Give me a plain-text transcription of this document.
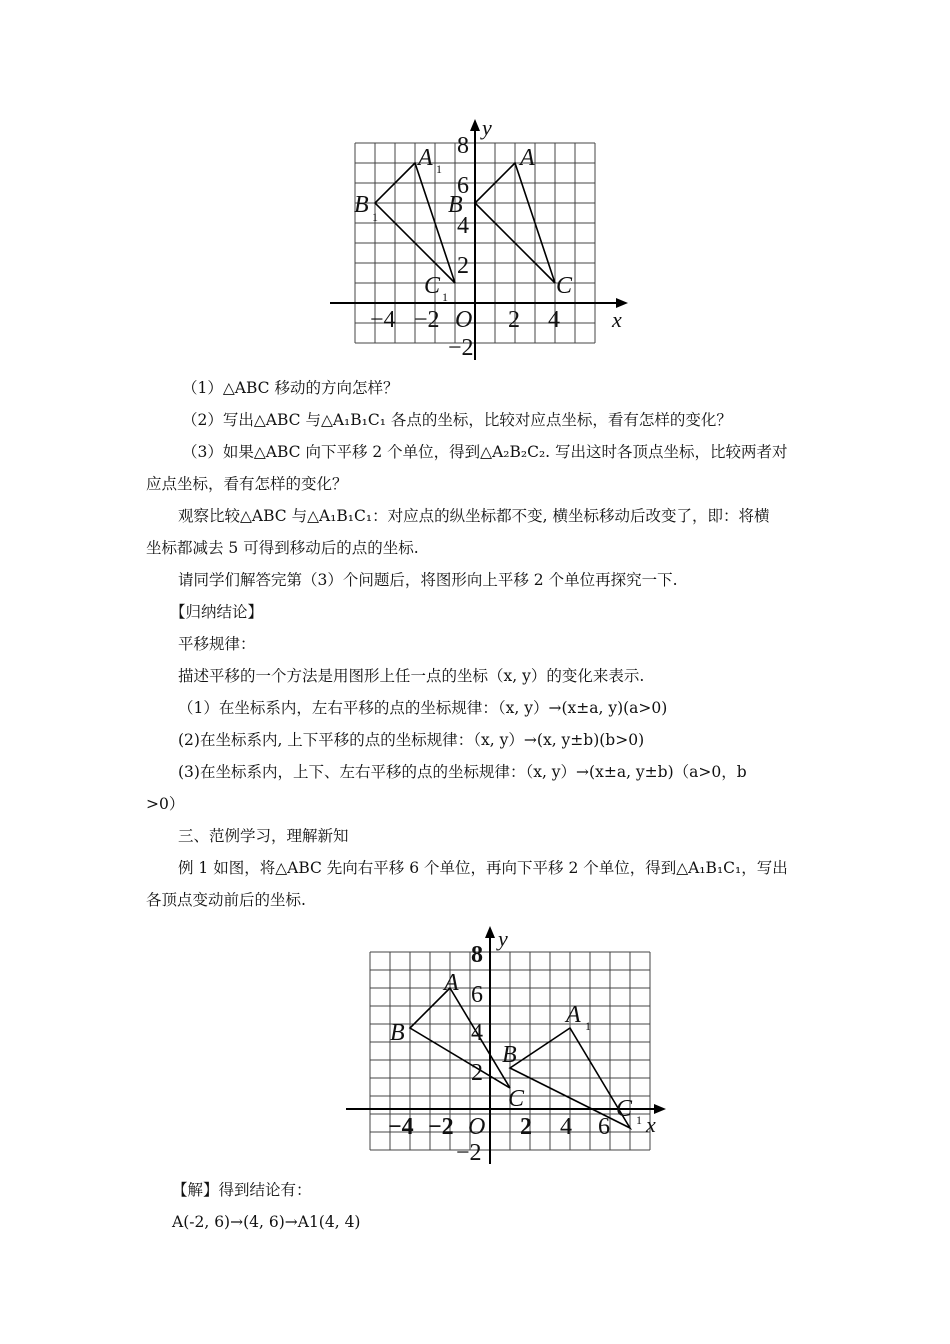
y
x
O
8
6
4
2
−2
−4 −2	2 4
A
B
C
A 1
B 1
C 1
（1）△ABC 移动的方向怎样？
（2）写出△ABC 与△A₁B₁C₁ 各点的坐标，比较对应点坐标，看有怎样的变化？
（3）如果△ABC 向下平移 2 个单位，得到△A₂B₂C₂. 写出这时各顶点坐标，比较两者对
应点坐标，看有怎样的变化？
观察比较△ABC 与△A₁B₁C₁：对应点的纵坐标都不变, 横坐标移动后改变了，即：将横
坐标都减去 5 可得到移动后的点的坐标.
请同学们解答完第（3）个问题后，将图形向上平移 2 个单位再探究一下.
【归纳结论】
平移规律：
描述平移的一个方法是用图形上任一点的坐标（x, y）的变化来表示.
（1）在坐标系内，左右平移的点的坐标规律：（x, y）→(x±a, y)(a>0)
(2)在坐标系内, 上下平移的点的坐标规律：（x, y）→(x, y±b)(b>0)
(3)在坐标系内，上下、左右平移的点的坐标规律：（x, y）→(x±a, y±b)（a>0，b
>0）
三、范例学习，理解新知
例 1 如图，将△ABC 先向右平移 6 个单位，再向下平移 2 个单位，得到△A₁B₁C₁，写出
各顶点变动前后的坐标.
y
x
O
8
6
4
2
−2
−4 −2	2 4 6
A
B
C
A 1
B
C 1
【解】得到结论有：
A(-2, 6)→(4, 6)→A1(4, 4)
